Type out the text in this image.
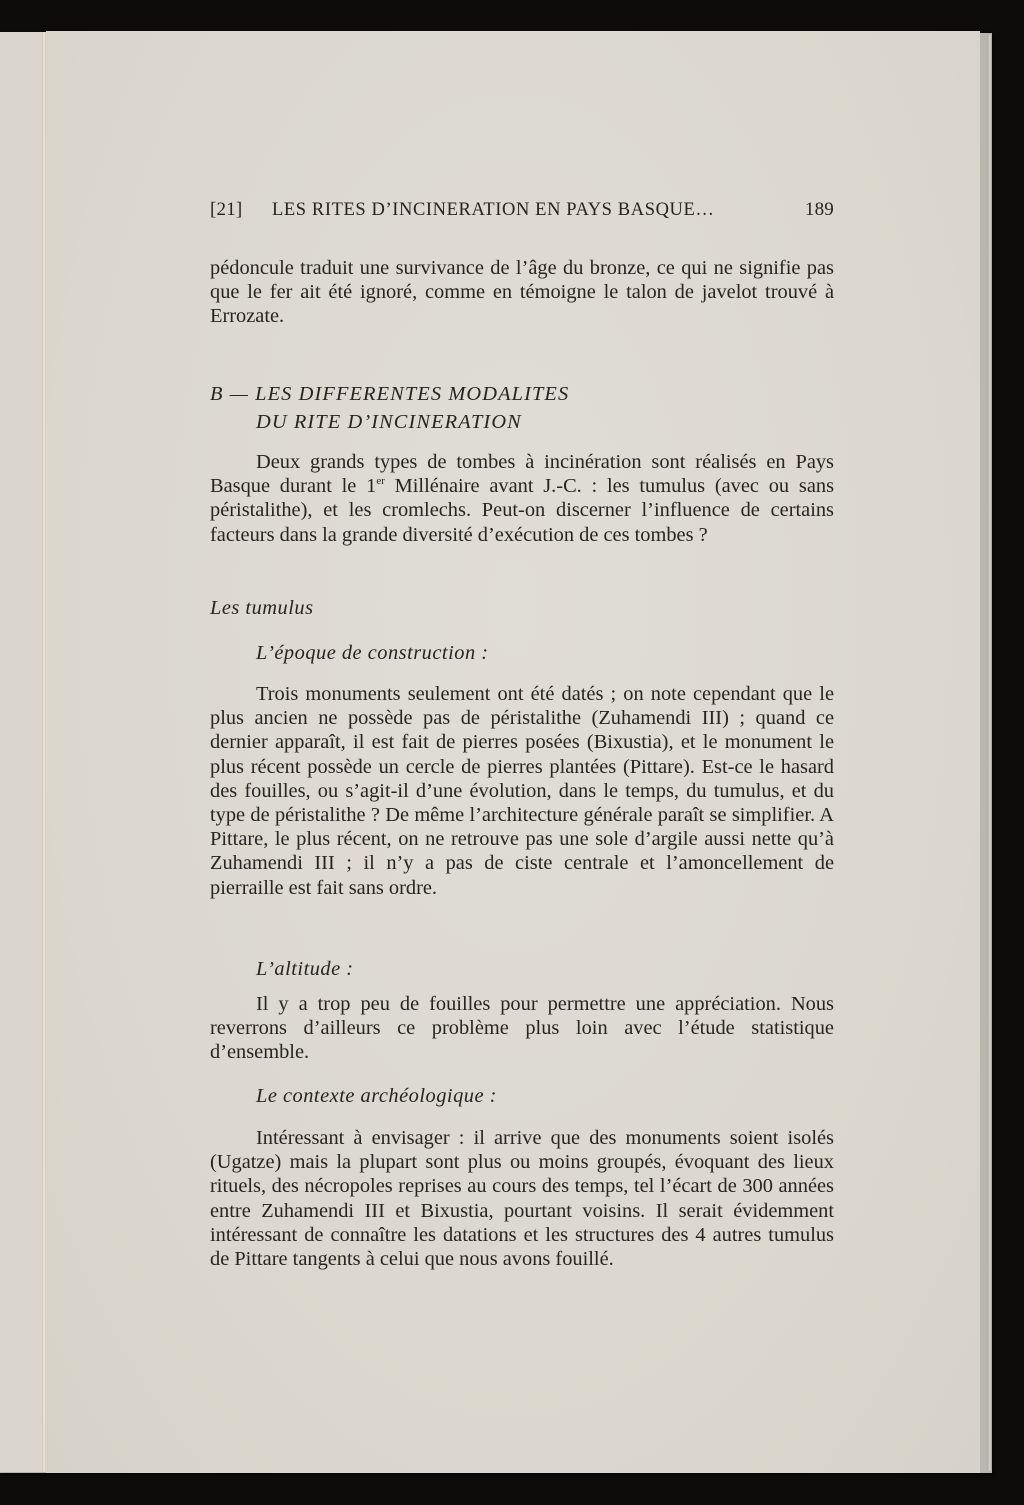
[21]	LES RITES D’INCINERATION EN PAYS BASQUE…	189

pédoncule traduit une survivance de l’âge du bronze, ce qui ne signifie pas que le fer ait été ignoré, comme en témoigne le talon de javelot trouvé à Errozate.

B — LES DIFFERENTES MODALITES
DU RITE D’INCINERATION

Deux grands types de tombes à incinération sont réalisés en Pays Basque durant le 1er Millénaire avant J.-C. : les tumulus (avec ou sans péristalithe), et les cromlechs. Peut-on discerner l’influence de certains facteurs dans la grande diversité d’exécution de ces tombes ?

Les tumulus
L’époque de construction :

Trois monuments seulement ont été datés ; on note cependant que le plus ancien ne possède pas de péristalithe (Zuhamendi III) ; quand ce dernier apparaît, il est fait de pierres posées (Bixustia), et le monument le plus récent possède un cercle de pierres plantées (Pittare). Est-ce le hasard des fouilles, ou s’agit-il d’une évolution, dans le temps, du tumulus, et du type de péristalithe ? De même l’architecture générale paraît se simplifier. A Pittare, le plus récent, on ne retrouve pas une sole d’argile aussi nette qu’à Zuhamendi III ; il n’y a pas de ciste centrale et l’amoncellement de pierraille est fait sans ordre.

L’altitude :

Il y a trop peu de fouilles pour permettre une appréciation. Nous reverrons d’ailleurs ce problème plus loin avec l’étude statistique d’ensemble.

Le contexte archéologique :

Intéressant à envisager : il arrive que des monuments soient isolés (Ugatze) mais la plupart sont plus ou moins groupés, évoquant des lieux rituels, des nécropoles reprises au cours des temps, tel l’écart de 300 années entre Zuhamendi III et Bixustia, pourtant voisins. Il serait évidemment intéressant de connaître les datations et les structures des 4 autres tumulus de Pittare tangents à celui que nous avons fouillé.
